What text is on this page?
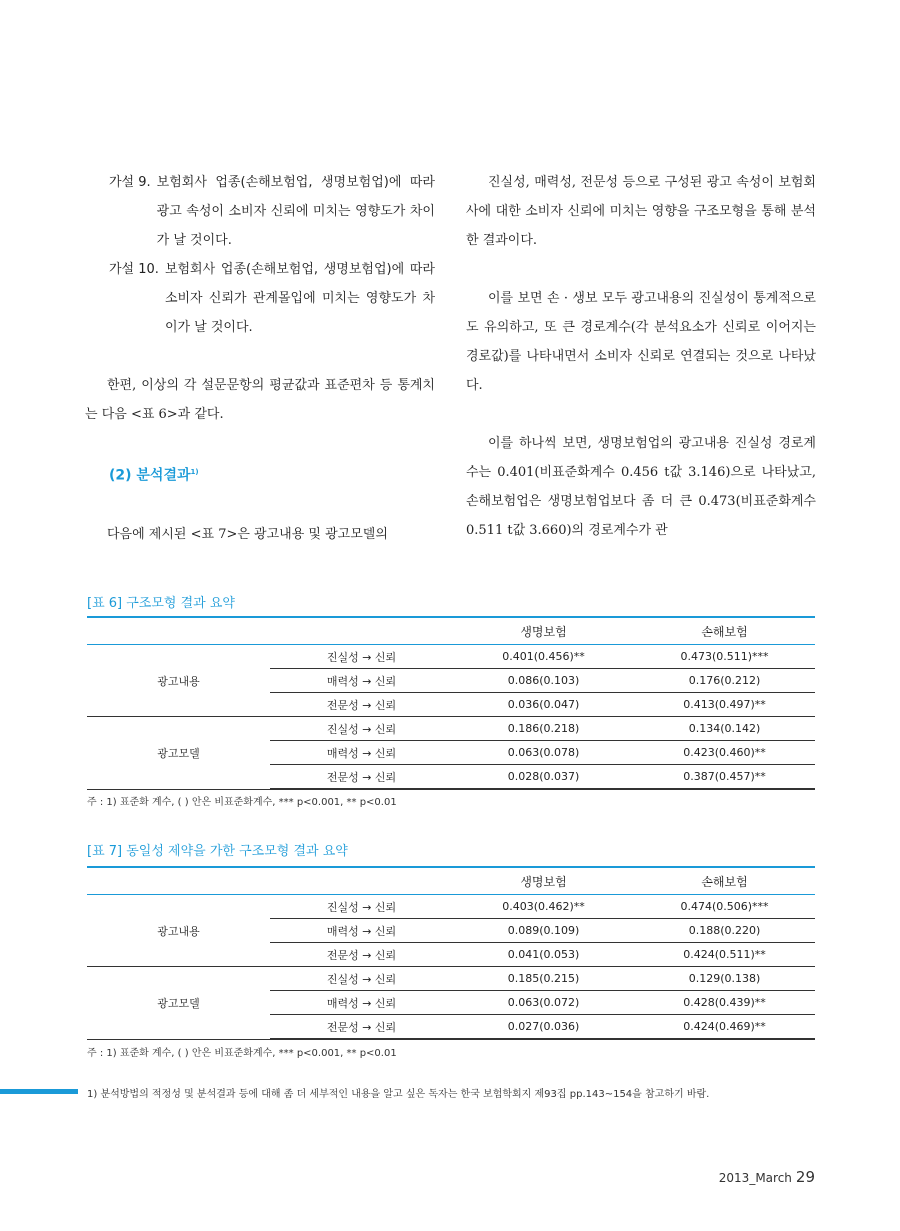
가설 9. 보험회사 업종(손해보험업, 생명보험업)에 따라 광고 속성이 소비자 신뢰에 미치는 영향도가 차이가 날 것이다.
가설 10. 보험회사 업종(손해보험업, 생명보험업)에 따라 소비자 신뢰가 관계몰입에 미치는 영향도가 차이가 날 것이다.

한편, 이상의 각 설문문항의 평균값과 표준편차 등 통계치는 다음 <표 6>과 같다.

(2) 분석결과$^{1)}$

다음에 제시된 <표 7>은 광고내용 및 광고모델의

진실성, 매력성, 전문성 등으로 구성된 광고 속성이 보험회사에 대한 소비자 신뢰에 미치는 영향을 구조모형을 통해 분석한 결과이다.

이를 보면 손 · 생보 모두 광고내용의 진실성이 통계적으로도 유의하고, 또 큰 경로계수(각 분석요소가 신뢰로 이어지는 경로값)를 나타내면서 소비자 신뢰로 연결되는 것으로 나타났다.

이를 하나씩 보면, 생명보험업의 광고내용 진실성 경로계수는 0.401(비표준화계수 0.456 t값 3.146)으로 나타났고, 손해보험업은 생명보험업보다 좀 더 큰 0.473(비표준화계수 0.511 t값 3.660)의 경로계수가 관

[표 6] 구조모형 결과 요약
		생명보험	손해보험
광고내용	진실성 → 신뢰	0.401(0.456)**	0.473(0.511)***
	매력성 → 신뢰	0.086(0.103)	0.176(0.212)
	전문성 → 신뢰	0.036(0.047)	0.413(0.497)**
광고모델	진실성 → 신뢰	0.186(0.218)	0.134(0.142)
	매력성 → 신뢰	0.063(0.078)	0.423(0.460)**
	전문성 → 신뢰	0.028(0.037)	0.387(0.457)**
주 : 1) 표준화 계수, ( ) 안은 비표준화계수, *** p<0.001, ** p<0.01
[표 7] 동일성 제약을 가한 구조모형 결과 요약
		생명보험	손해보험
광고내용	진실성 → 신뢰	0.403(0.462)**	0.474(0.506)***
	매력성 → 신뢰	0.089(0.109)	0.188(0.220)
	전문성 → 신뢰	0.041(0.053)	0.424(0.511)**
광고모델	진실성 → 신뢰	0.185(0.215)	0.129(0.138)
	매력성 → 신뢰	0.063(0.072)	0.428(0.439)**
	전문성 → 신뢰	0.027(0.036)	0.424(0.469)**
주 : 1) 표준화 계수, ( ) 안은 비표준화계수, *** p<0.001, ** p<0.01
1) 분석방법의 적정성 및 분석결과 등에 대해 좀 더 세부적인 내용을 알고 싶은 독자는 한국 보험학회지 제93집 pp.143~154을 참고하기 바람.
2013_March 29
